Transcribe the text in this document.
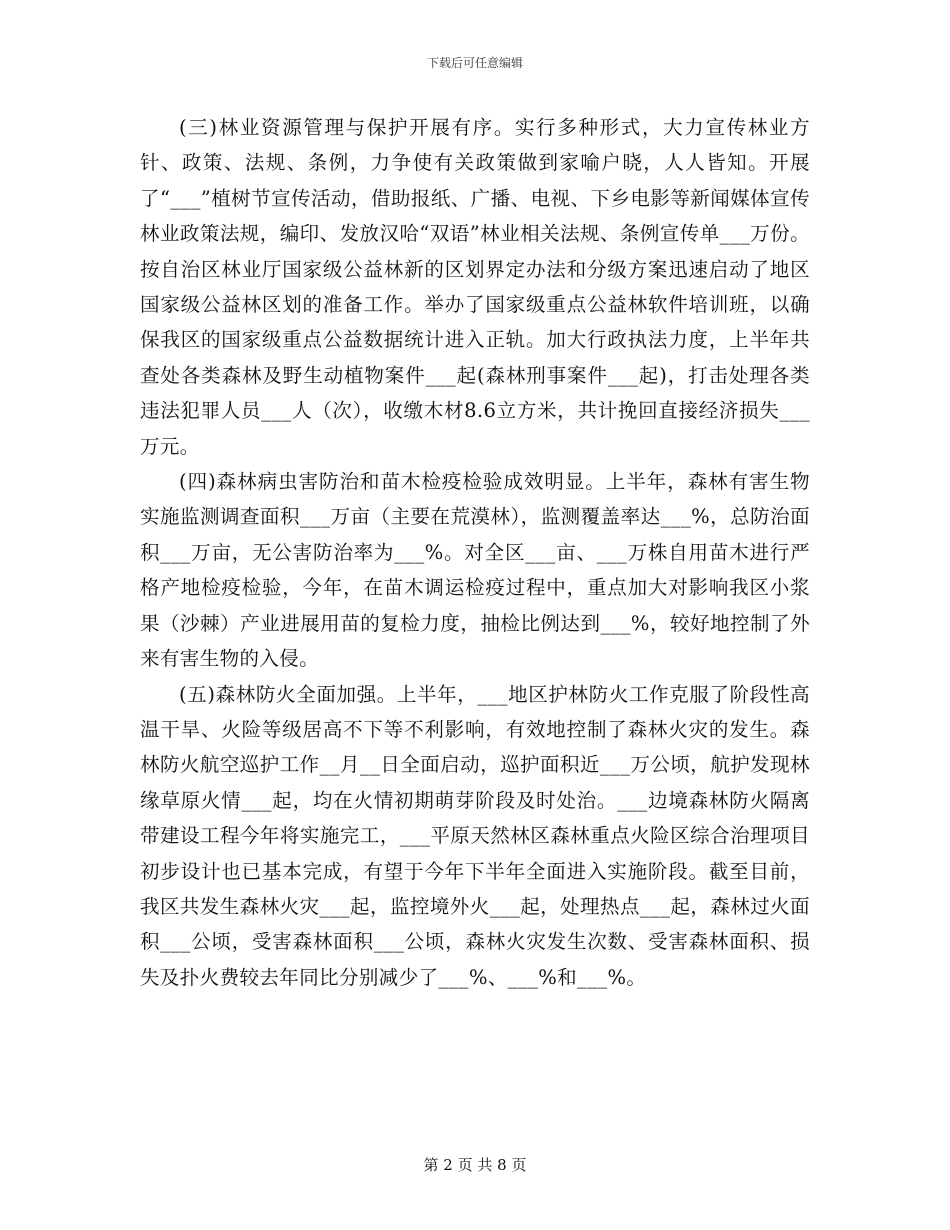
下载后可任意编辑

(三)林业资源管理与保护开展有序。实行多种形式，大力宣传林业方针、政策、法规、条例，力争使有关政策做到家喻户晓，人人皆知。开展了“___”植树节宣传活动，借助报纸、广播、电视、下乡电影等新闻媒体宣传林业政策法规，编印、发放汉哈“双语”林业相关法规、条例宣传单___万份。按自治区林业厅国家级公益林新的区划界定办法和分级方案迅速启动了地区国家级公益林区划的准备工作。举办了国家级重点公益林软件培训班，以确保我区的国家级重点公益数据统计进入正轨。加大行政执法力度，上半年共查处各类森林及野生动植物案件___起(森林刑事案件___起)，打击处理各类违法犯罪人员___人（次），收缴木材8.6立方米，共计挽回直接经济损失___万元。

(四)森林病虫害防治和苗木检疫检验成效明显。上半年，森林有害生物实施监测调查面积___万亩（主要在荒漠林），监测覆盖率达___%，总防治面积___万亩，无公害防治率为___%。对全区___亩、___万株自用苗木进行严格产地检疫检验，今年，在苗木调运检疫过程中，重点加大对影响我区小浆果（沙棘）产业进展用苗的复检力度，抽检比例达到___%，较好地控制了外来有害生物的入侵。

(五)森林防火全面加强。上半年，___地区护林防火工作克服了阶段性高温干旱、火险等级居高不下等不利影响，有效地控制了森林火灾的发生。森林防火航空巡护工作__月__日全面启动，巡护面积近___万公顷，航护发现林缘草原火情___起，均在火情初期萌芽阶段及时处治。___边境森林防火隔离带建设工程今年将实施完工，___平原天然林区森林重点火险区综合治理项目初步设计也已基本完成，有望于今年下半年全面进入实施阶段。截至目前，我区共发生森林火灾___起，监控境外火___起，处理热点___起，森林过火面积___公顷，受害森林面积___公顷，森林火灾发生次数、受害森林面积、损失及扑火费较去年同比分别减少了___%、___%和___%。

第 2 页 共 8 页
